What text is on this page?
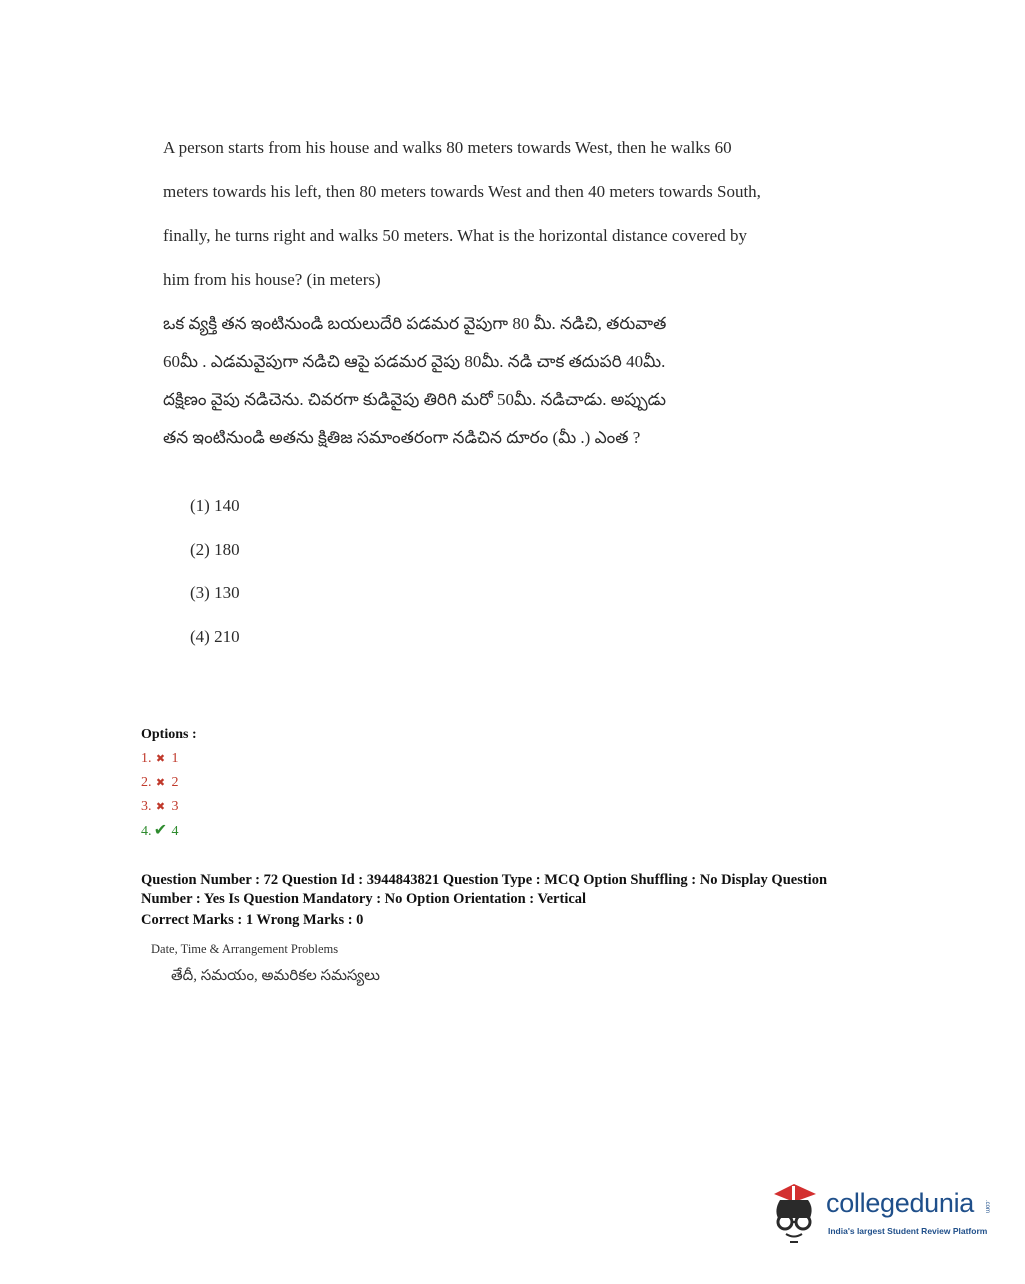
A person starts from his house and walks 80 meters towards West, then he walks 60

meters towards his left, then 80 meters towards West and then 40 meters towards South,

finally, he turns right and walks 50 meters. What is the horizontal distance covered by

him from his house? (in meters)

ఒక వ్యక్తి తన ఇంటినుండి బయలుదేరి పడమర వైపుగా 80 మీ. నడిచి, తరువాత

60మీ . ఎడమవైపుగా నడిచి ఆపై పడమర వైపు 80మీ. నడి చాక తదుపరి 40మీ.

దక్షిణం వైపు నడిచెను. చివరగా కుడివైపు తిరిగి మరో 50మీ. నడిచాడు. అప్పుడు

తన ఇంటినుండి అతను క్షితిజ సమాంతరంగా నడిచిన దూరం (మీ .) ఎంత ?

(1) 140
(2) 180
(3) 130
(4) 210
Options :
1. ✖ 1
2. ✖ 2
3. ✖ 3
4. ✔ 4
Question Number : 72 Question Id : 3944843821 Question Type : MCQ Option Shuffling : No Display Question
Number : Yes Is Question Mandatory : No Option Orientation : Vertical
Correct Marks : 1 Wrong Marks : 0
Date, Time & Arrangement Problems
తేదీ, సమయం, అమరికల సమస్యలు
collegedunia .com
India's largest Student Review Platform
